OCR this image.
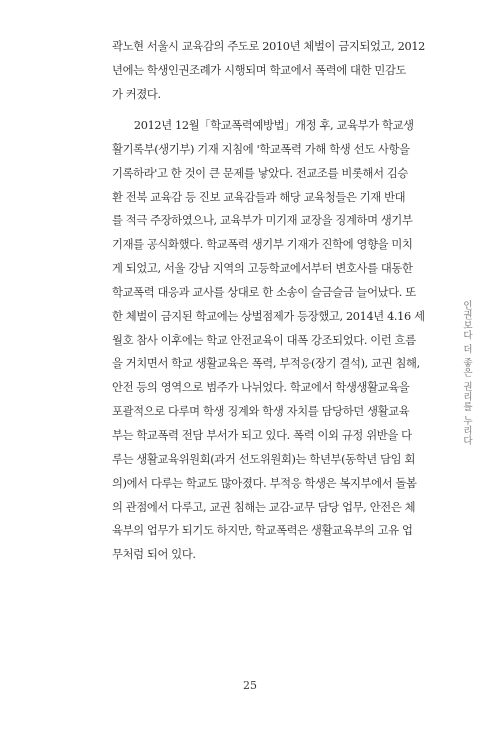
곽노현 서울시 교육감의 주도로 2010년 체벌이 금지되었고, 2012
년에는 학생인권조례가 시행되며 학교에서 폭력에 대한 민감도
가 커졌다.
　　2012년 12월「학교폭력예방법」개정 후, 교육부가 학교생
활기록부(생기부) 기재 지침에 '학교폭력 가해 학생 선도 사항을
기록하라'고 한 것이 큰 문제를 낳았다. 전교조를 비롯해서 김승
환 전북 교육감 등 진보 교육감들과 해당 교육청들은 기재 반대
를 적극 주장하였으나, 교육부가 미기재 교장을 징계하며 생기부
기재를 공식화했다. 학교폭력 생기부 기재가 진학에 영향을 미치
게 되었고, 서울 강남 지역의 고등학교에서부터 변호사를 대동한
학교폭력 대응과 교사를 상대로 한 소송이 슬금슬금 늘어났다. 또
한 체벌이 금지된 학교에는 상벌점제가 등장했고, 2014년 4.16 세
월호 참사 이후에는 학교 안전교육이 대폭 강조되었다. 이런 흐름
을 거치면서 학교 생활교육은 폭력, 부적응(장기 결석), 교권 침해,
안전 등의 영역으로 범주가 나뉘었다. 학교에서 학생생활교육을
포괄적으로 다루며 학생 징계와 학생 자치를 담당하던 생활교육
부는 학교폭력 전담 부서가 되고 있다. 폭력 이외 규정 위반을 다
루는 생활교육위원회(과거 선도위원회)는 학년부(동학년 담임 회
의)에서 다루는 학교도 많아졌다. 부적응 학생은 복지부에서 돌봄
의 관점에서 다루고, 교권 침해는 교감-교무 담당 업무, 안전은 체
육부의 업무가 되기도 하지만, 학교폭력은 생활교육부의 고유 업
무처럼 되어 있다.
인권보다 더 좋은 권리를 누리다
25
